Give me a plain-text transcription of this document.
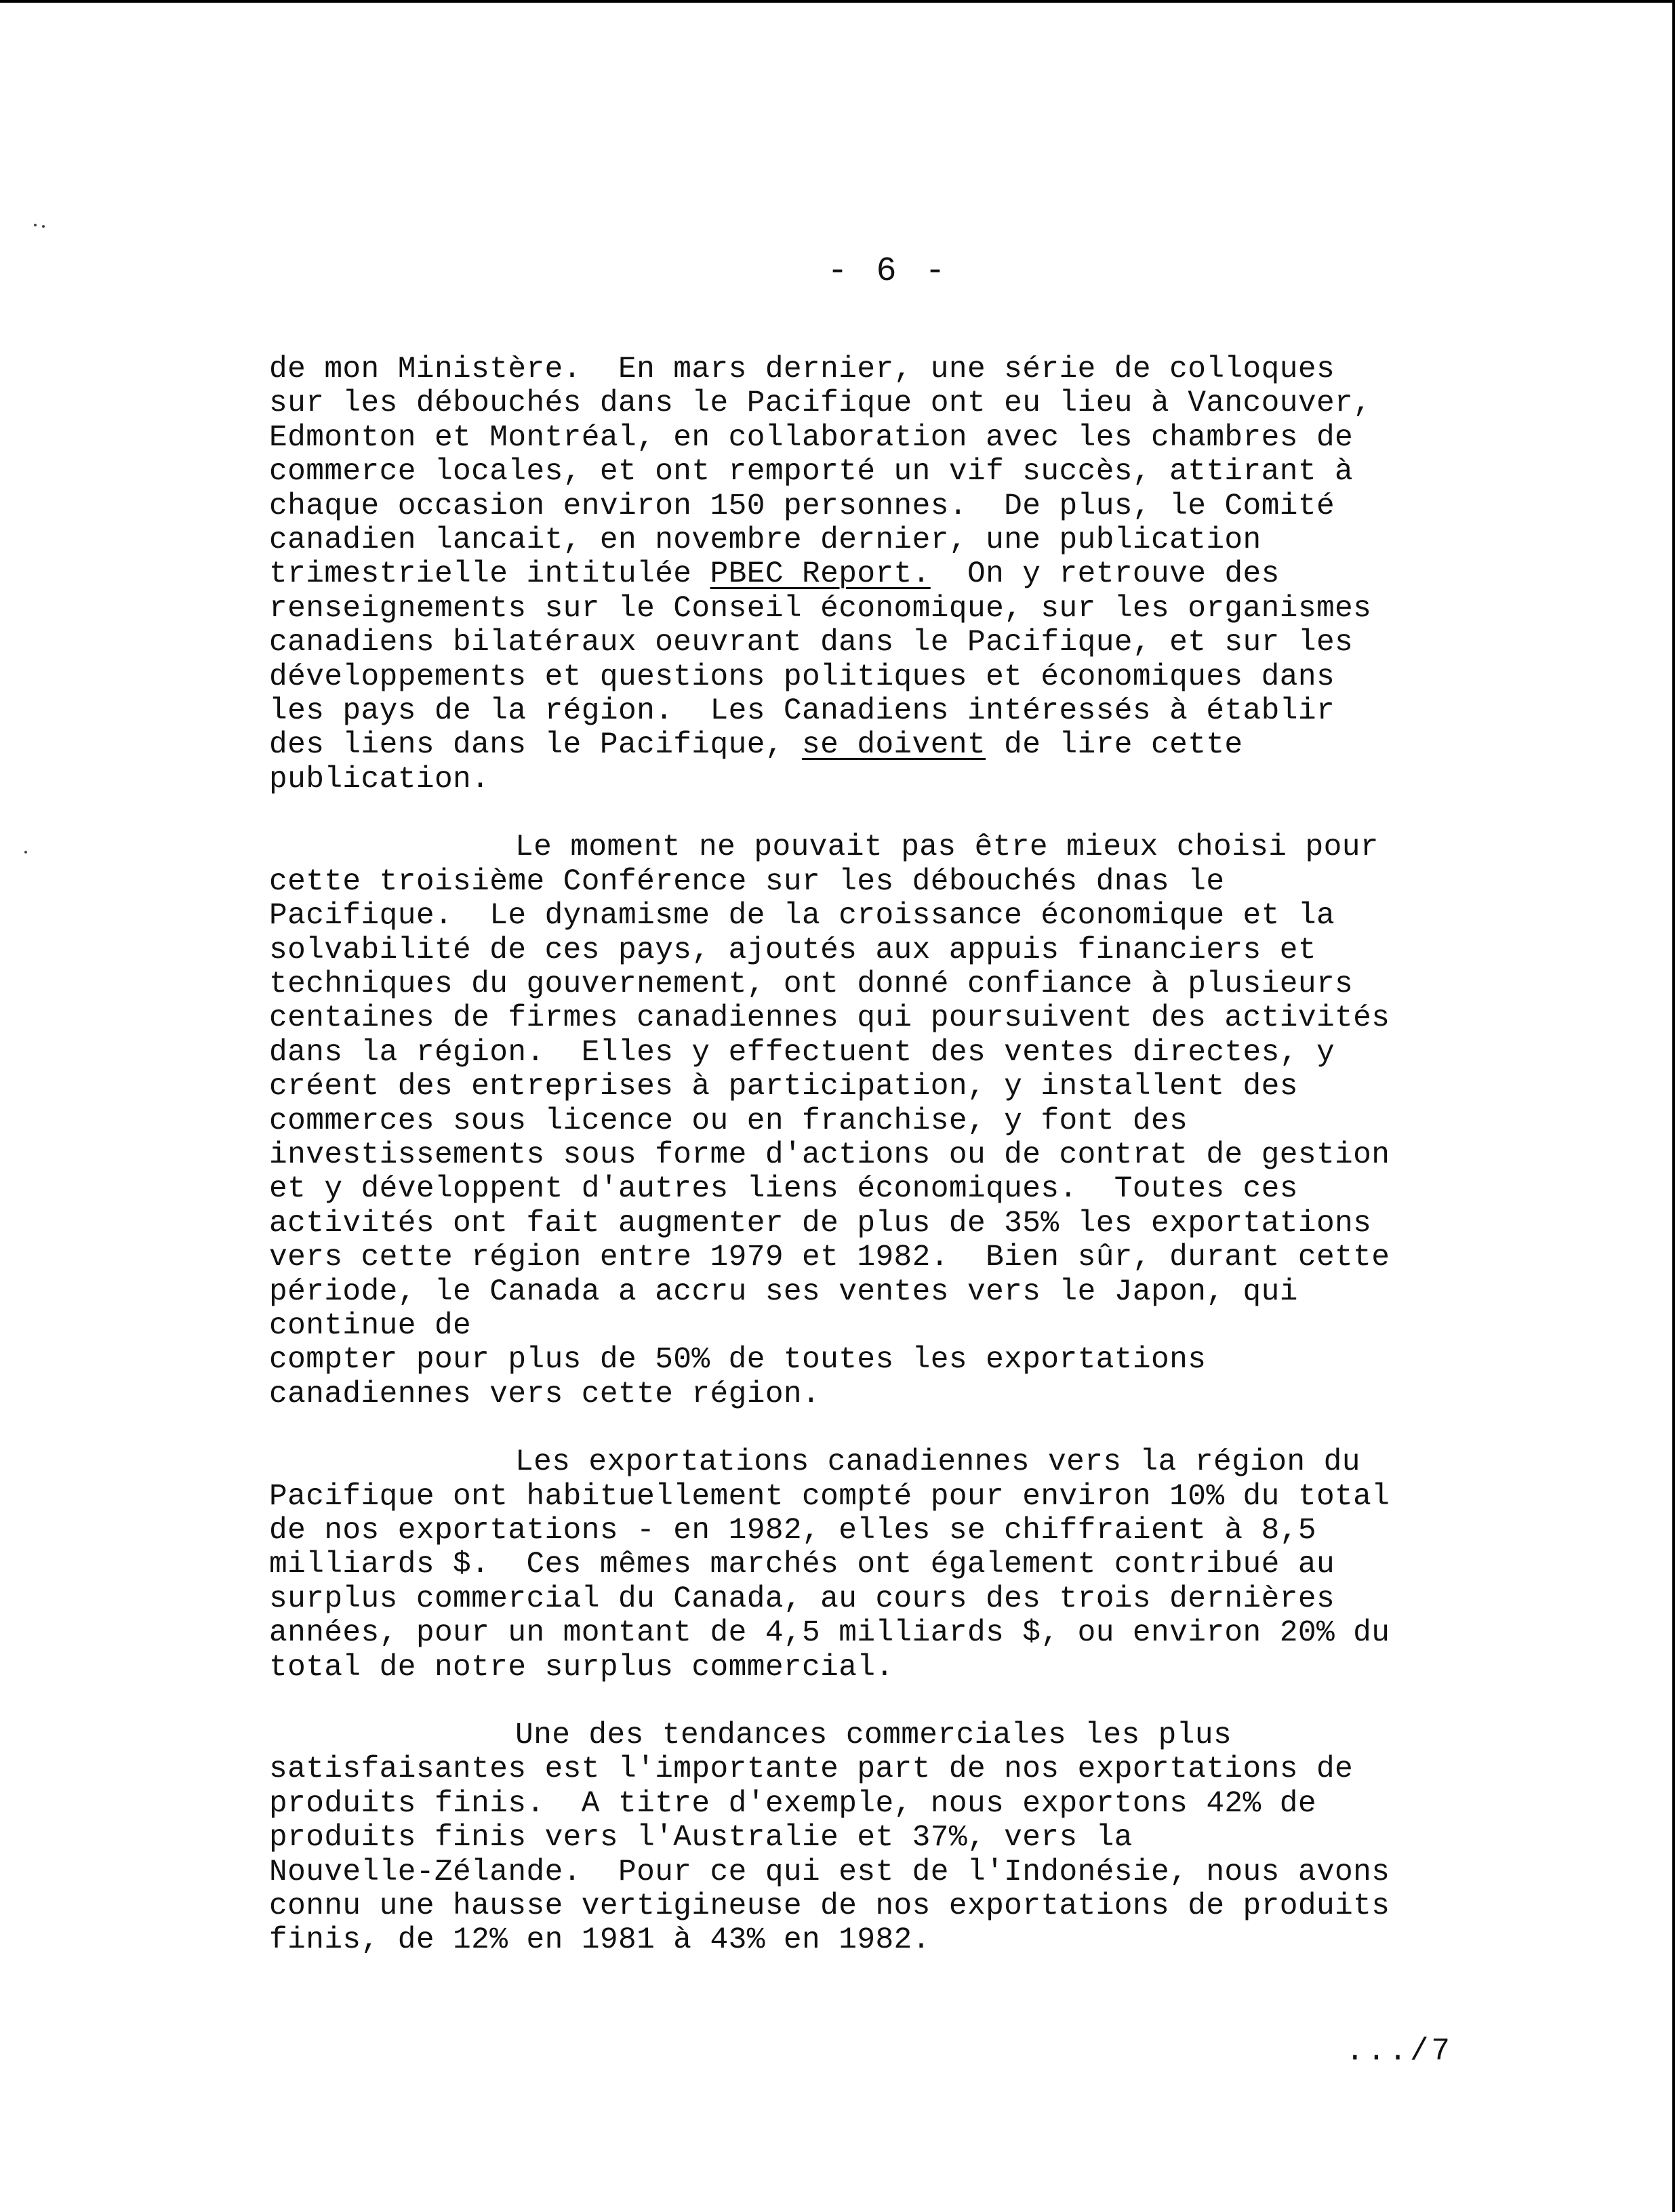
- 6 -
de mon Ministère.  En mars dernier, une série de colloques
sur les débouchés dans le Pacifique ont eu lieu à Vancouver,
Edmonton et Montréal, en collaboration avec les chambres de
commerce locales, et ont remporté un vif succès, attirant à
chaque occasion environ 150 personnes.  De plus, le Comité
canadien lancait, en novembre dernier, une publication
trimestrielle intitulée PBEC Report.  On y retrouve des
renseignements sur le Conseil économique, sur les organismes
canadiens bilatéraux oeuvrant dans le Pacifique, et sur les
développements et questions politiques et économiques dans
les pays de la région.  Les Canadiens intéressés à établir
des liens dans le Pacifique, se doivent de lire cette
publication.
Le moment ne pouvait pas être mieux choisi pour
cette troisième Conférence sur les débouchés dnas le
Pacifique.  Le dynamisme de la croissance économique et la
solvabilité de ces pays, ajoutés aux appuis financiers et
techniques du gouvernement, ont donné confiance à plusieurs
centaines de firmes canadiennes qui poursuivent des activités
dans la région.  Elles y effectuent des ventes directes, y
créent des entreprises à participation, y installent des
commerces sous licence ou en franchise, y font des
investissements sous forme d'actions ou de contrat de gestion
et y développent d'autres liens économiques.  Toutes ces
activités ont fait augmenter de plus de 35% les exportations
vers cette région entre 1979 et 1982.  Bien sûr, durant cette
période, le Canada a accru ses ventes vers le Japon, qui
continue de
compter pour plus de 50% de toutes les exportations
canadiennes vers cette région.
Les exportations canadiennes vers la région du
Pacifique ont habituellement compté pour environ 10% du total
de nos exportations - en 1982, elles se chiffraient à 8,5
milliards $.  Ces mêmes marchés ont également contribué au
surplus commercial du Canada, au cours des trois dernières
années, pour un montant de 4,5 milliards $, ou environ 20% du
total de notre surplus commercial.
Une des tendances commerciales les plus
satisfaisantes est l'importante part de nos exportations de
produits finis.  A titre d'exemple, nous exportons 42% de
produits finis vers l'Australie et 37%, vers la
Nouvelle-Zélande.  Pour ce qui est de l'Indonésie, nous avons
connu une hausse vertigineuse de nos exportations de produits
finis, de 12% en 1981 à 43% en 1982.
.../7
